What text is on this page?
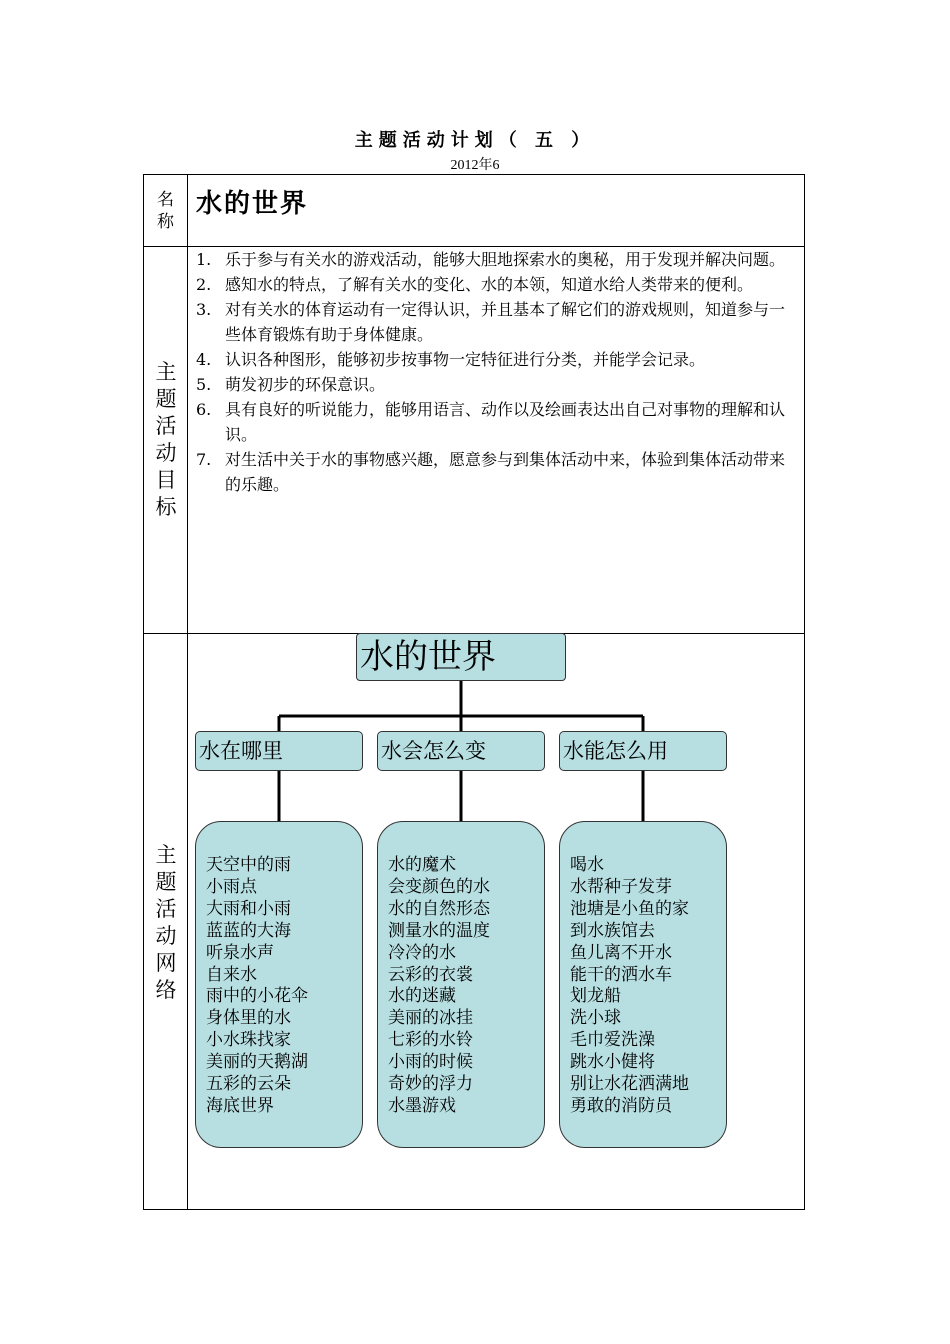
主题活动计划（ 五 ）
2012年6
名称
水的世界
主题活动目标
1. 乐于参与有关水的游戏活动，能够大胆地探索水的奥秘，用于发现并解决问题。
2. 感知水的特点，了解有关水的变化、水的本领，知道水给人类带来的便利。
3. 对有关水的体育运动有一定得认识，并且基本了解它们的游戏规则，知道参与一些体育锻炼有助于身体健康。
4. 认识各种图形，能够初步按事物一定特征进行分类，并能学会记录。
5. 萌发初步的环保意识。
6. 具有良好的听说能力，能够用语言、动作以及绘画表达出自己对事物的理解和认识。
7. 对生活中关于水的事物感兴趣，愿意参与到集体活动中来，体验到集体活动带来的乐趣。
主题活动网络
水的世界
水在哪里	水会怎么变	水能怎么用
天空中的雨
小雨点
大雨和小雨
蓝蓝的大海
听泉水声
自来水
雨中的小花伞
身体里的水
小水珠找家
美丽的天鹅湖
五彩的云朵
海底世界
水的魔术
会变颜色的水
水的自然形态
测量水的温度
冷冷的水
云彩的衣裳
水的迷藏
美丽的冰挂
七彩的水铃
小雨的时候
奇妙的浮力
水墨游戏
喝水
水帮种子发芽
池塘是小鱼的家
到水族馆去
鱼儿离不开水
能干的洒水车
划龙船
洗小球
毛巾爱洗澡
跳水小健将
别让水花洒满地
勇敢的消防员
